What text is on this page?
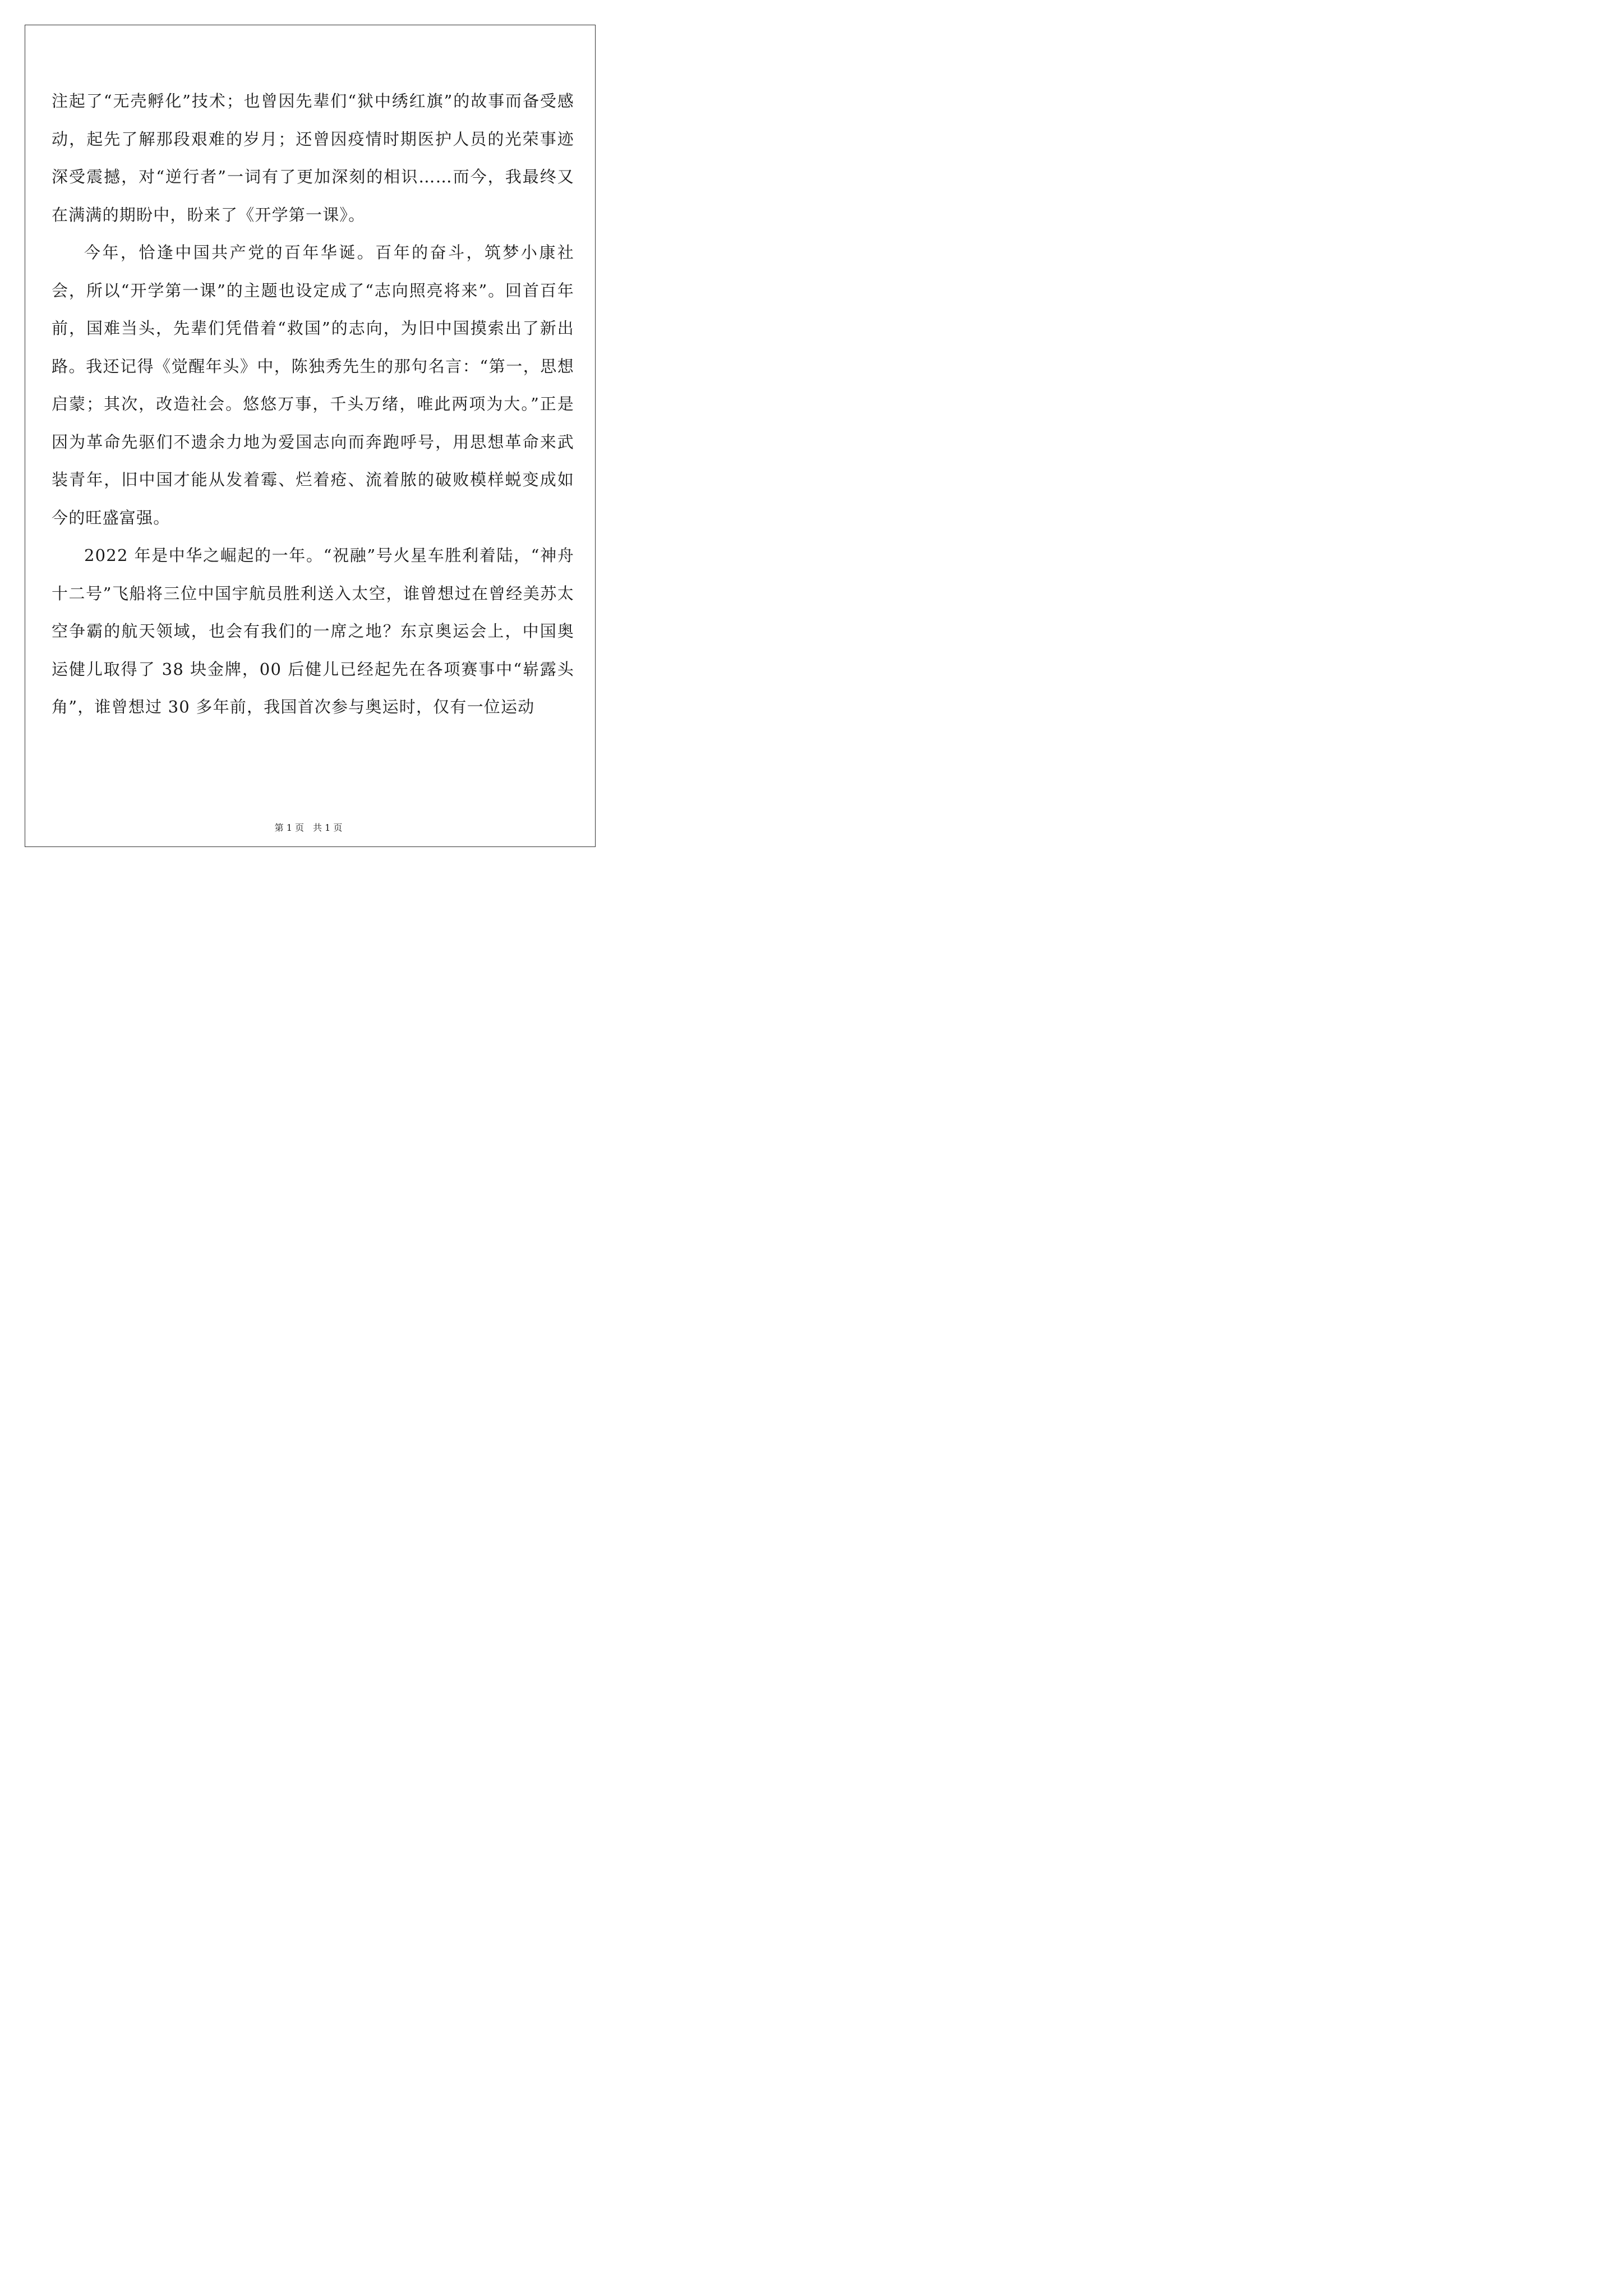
注起了“无壳孵化”技术；也曾因先辈们“狱中绣红旗”的故事而备受感动，起先了解那段艰难的岁月；还曾因疫情时期医护人员的光荣事迹深受震撼，对“逆行者”一词有了更加深刻的相识……而今，我最终又在满满的期盼中，盼来了《开学第一课》。

今年，恰逢中国共产党的百年华诞。百年的奋斗，筑梦小康社会，所以“开学第一课”的主题也设定成了“志向照亮将来”。回首百年前，国难当头，先辈们凭借着“救国”的志向，为旧中国摸索出了新出路。我还记得《觉醒年头》中，陈独秀先生的那句名言：“第一，思想启蒙；其次，改造社会。悠悠万事，千头万绪，唯此两项为大。”正是因为革命先驱们不遗余力地为爱国志向而奔跑呼号，用思想革命来武装青年，旧中国才能从发着霉、烂着疮、流着脓的破败模样蜕变成如今的旺盛富强。

2022 年是中华之崛起的一年。“祝融”号火星车胜利着陆，“神舟十二号”飞船将三位中国宇航员胜利送入太空，谁曾想过在曾经美苏太空争霸的航天领域，也会有我们的一席之地？东京奥运会上，中国奥运健儿取得了 38 块金牌，00 后健儿已经起先在各项赛事中“崭露头角”，谁曾想过 30 多年前，我国首次参与奥运时，仅有一位运动

第 1 页　共 1 页
